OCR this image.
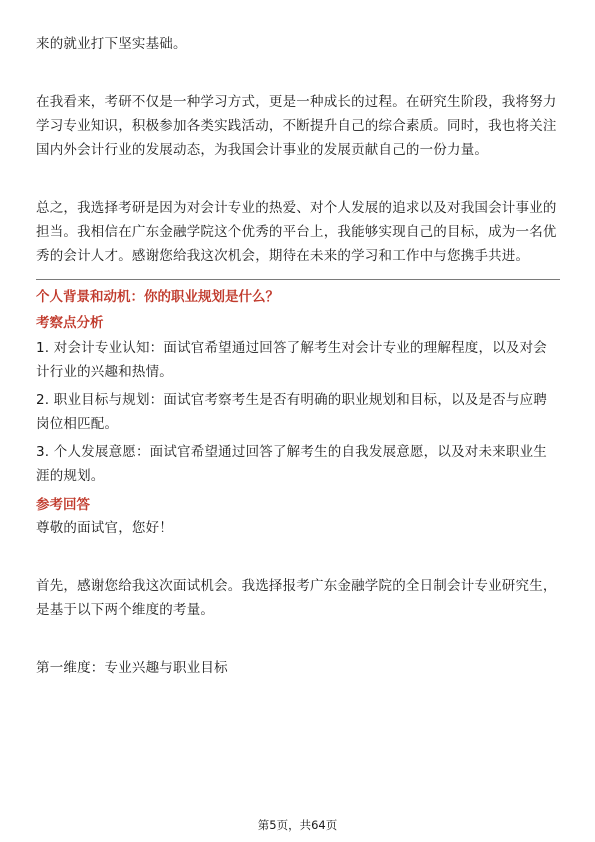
来的就业打下坚实基础。

在我看来，考研不仅是一种学习方式，更是一种成长的过程。在研究生阶段，我将努力学习专业知识，积极参加各类实践活动，不断提升自己的综合素质。同时，我也将关注国内外会计行业的发展动态，为我国会计事业的发展贡献自己的一份力量。

总之，我选择考研是因为对会计专业的热爱、对个人发展的追求以及对我国会计事业的担当。我相信在广东金融学院这个优秀的平台上，我能够实现自己的目标，成为一名优秀的会计人才。感谢您给我这次机会，期待在未来的学习和工作中与您携手共进。

个人背景和动机：你的职业规划是什么？

考察点分析

1. 对会计专业认知：面试官希望通过回答了解考生对会计专业的理解程度，以及对会计行业的兴趣和热情。

2. 职业目标与规划：面试官考察考生是否有明确的职业规划和目标，以及是否与应聘岗位相匹配。

3. 个人发展意愿：面试官希望通过回答了解考生的自我发展意愿，以及对未来职业生涯的规划。

参考回答

尊敬的面试官，您好！

首先，感谢您给我这次面试机会。我选择报考广东金融学院的全日制会计专业研究生，是基于以下两个维度的考量。

第一维度：专业兴趣与职业目标

第5页，共64页
